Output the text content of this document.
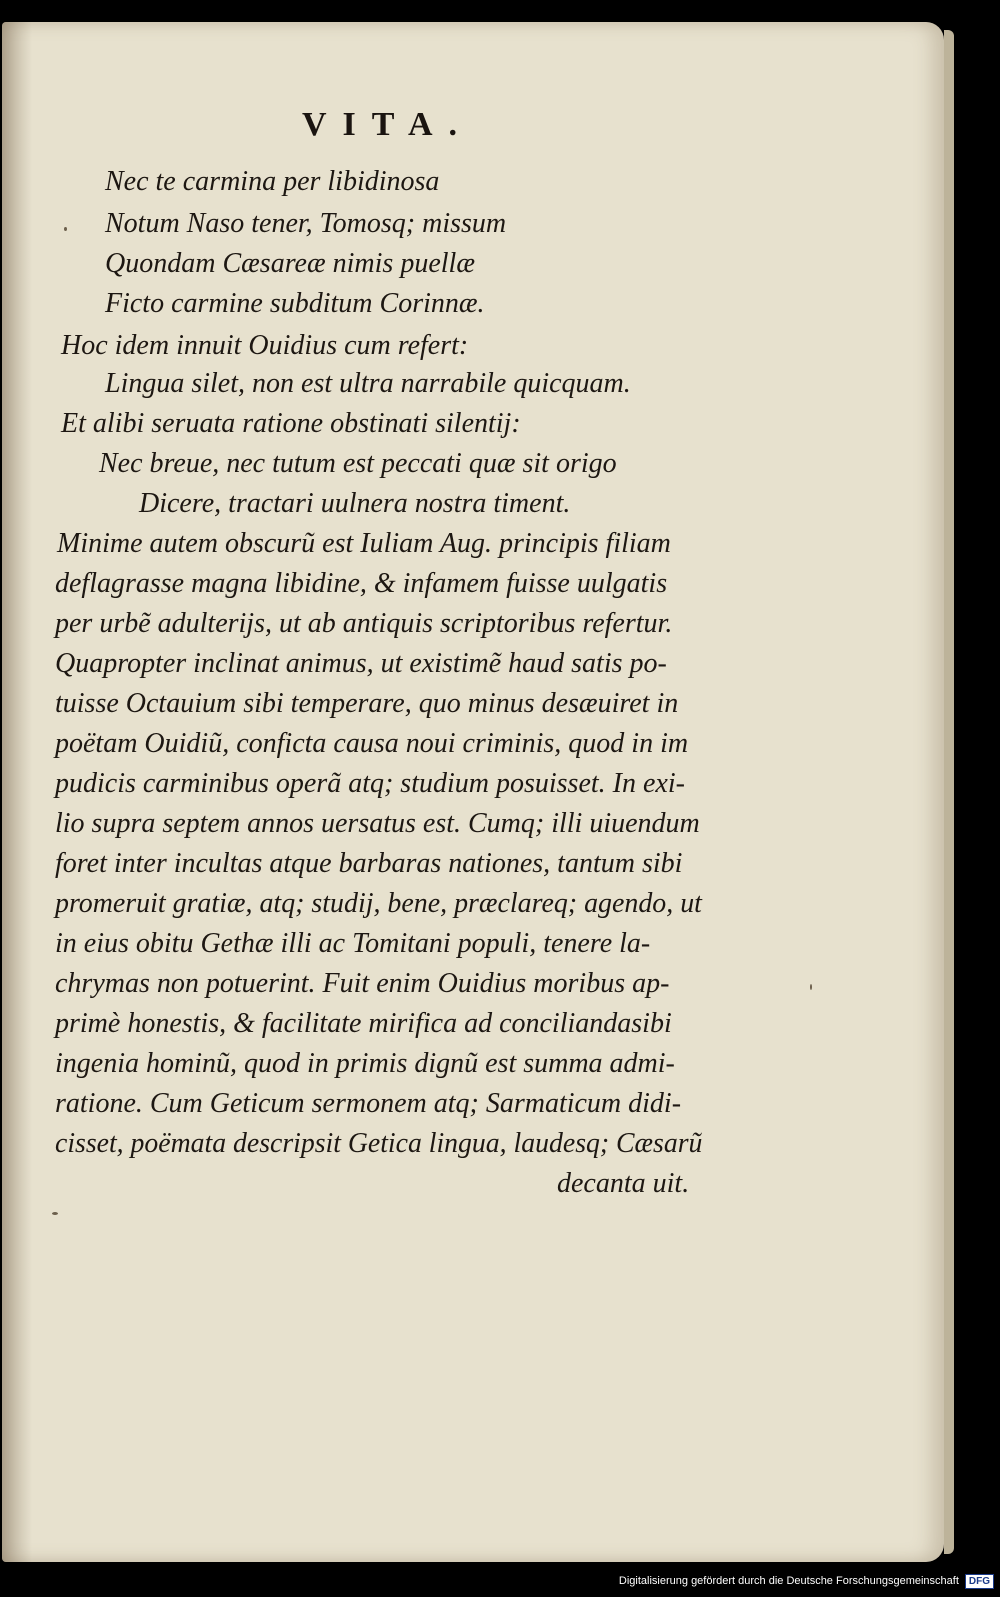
VITA.
Nec te carmina per libidinosa
Notum Naso tener, Tomosq; missum
Quondam Cæsareæ nimis puellæ
Ficto carmine subditum Corinnæ.
Hoc idem innuit Ouidius cum refert:
Lingua silet, non est ultra narrabile quicquam.
Et alibi seruata ratione obstinati silentij:
Nec breue, nec tutum est peccati quæ sit origo
Dicere, tractari uulnera nostra timent.
Minime autem obscurũ est Iuliam Aug. principis filiam
deflagrasse magna libidine, & infamem fuisse uulgatis
per urbẽ adulterijs, ut ab antiquis scriptoribus refertur.
Quapropter inclinat animus, ut existimẽ haud satis po-
tuisse Octauium sibi temperare, quo minus desæuiret in
poëtam Ouidiũ, conficta causa noui criminis, quod in im
pudicis carminibus operã atq; studium posuisset. In exi-
lio supra septem annos uersatus est. Cumq; illi uiuendum
foret inter incultas atque barbaras nationes, tantum sibi
promeruit gratiæ, atq; studij, bene, præclareq; agendo, ut
in eius obitu Gethæ illi ac Tomitani populi, tenere la-
chrymas non potuerint. Fuit enim Ouidius moribus ap-
primè honestis, & facilitate mirifica ad conciliandasibi
ingenia hominũ, quod in primis dignũ est summa admi-
ratione. Cum Geticum sermonem atq; Sarmaticum didi-
cisset, poëmata descripsit Getica lingua, laudesq; Cæsarũ
decanta uit.
Digitalisierung gefördert durch die Deutsche Forschungsgemeinschaft	DFG
